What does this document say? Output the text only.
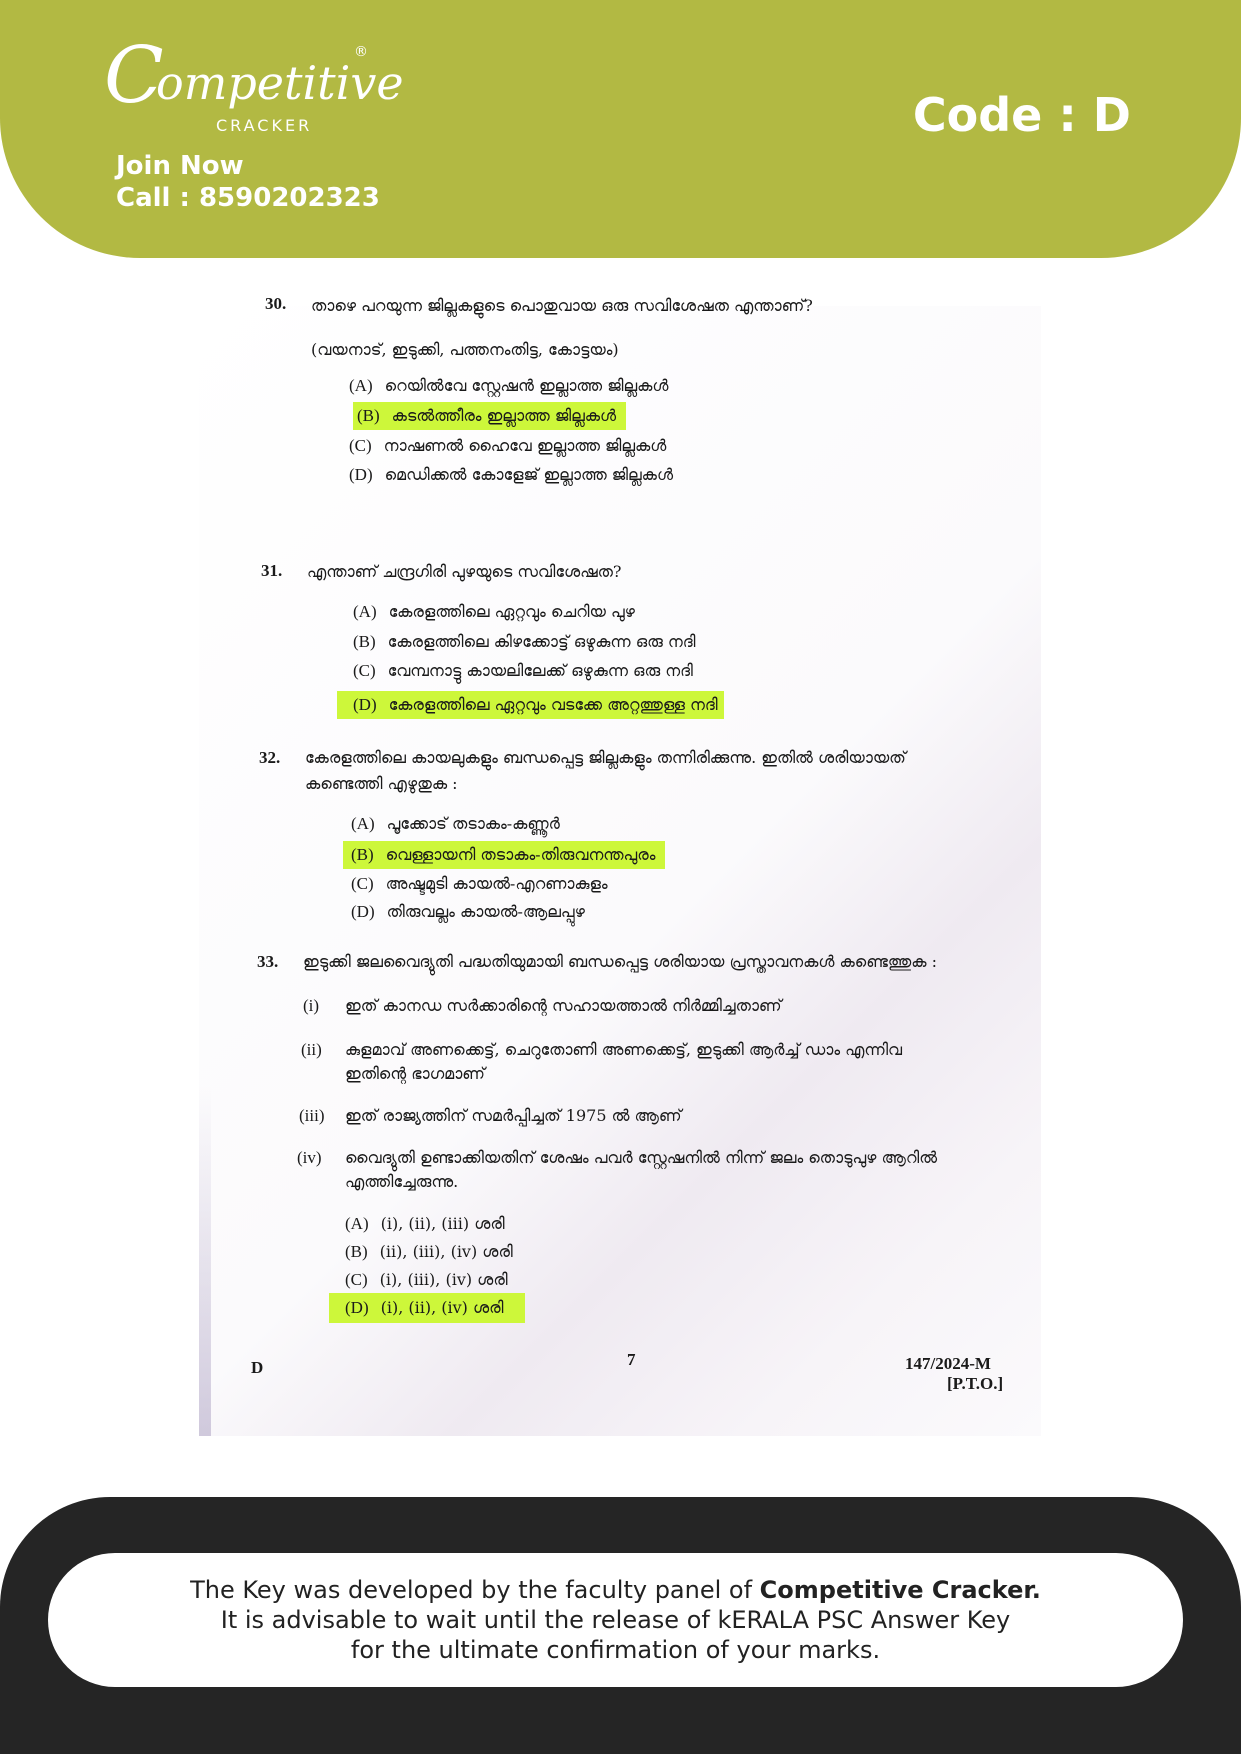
C
ompetitive
®
CRACKER
Join Now
Call : 8590202323
Code : D
30. താഴെ പറയുന്ന ജില്ലകളുടെ പൊതുവായ ഒരു സവിശേഷത എന്താണ്?
(വയനാട്, ഇടുക്കി, പത്തനംതിട്ട, കോട്ടയം)
(A) റെയിൽവേ സ്റ്റേഷൻ ഇല്ലാത്ത ജില്ലകൾ
(B) കടൽത്തീരം ഇല്ലാത്ത ജില്ലകൾ
(C) നാഷണൽ ഹൈവേ ഇല്ലാത്ത ജില്ലകൾ
(D) മെഡിക്കൽ കോളേജ് ഇല്ലാത്ത ജില്ലകൾ
31. എന്താണ് ചന്ദ്രഗിരി പുഴയുടെ സവിശേഷത?
(A) കേരളത്തിലെ ഏറ്റവും ചെറിയ പുഴ
(B) കേരളത്തിലെ കിഴക്കോട്ട് ഒഴുകുന്ന ഒരു നദി
(C) വേമ്പനാട്ടു കായലിലേക്ക് ഒഴുകുന്ന ഒരു നദി
(D) കേരളത്തിലെ ഏറ്റവും വടക്കേ അറ്റത്തുള്ള നദി
32. കേരളത്തിലെ കായലുകളും ബന്ധപ്പെട്ട ജില്ലകളും തന്നിരിക്കുന്നു. ഇതിൽ ശരിയായത്
കണ്ടെത്തി എഴുതുക :
(A) പൂക്കോട് തടാകം-കണ്ണൂർ
(B) വെള്ളായനി തടാകം-തിരുവനന്തപുരം
(C) അഷ്ടമുടി കായൽ-എറണാകുളം
(D) തിരുവല്ലം കായൽ-ആലപ്പുഴ
33. ഇടുക്കി ജലവൈദ്യുതി പദ്ധതിയുമായി ബന്ധപ്പെട്ട ശരിയായ പ്രസ്താവനകൾ കണ്ടെത്തുക :
(i) ഇത് കാനഡ സർക്കാരിന്റെ സഹായത്താൽ നിർമ്മിച്ചതാണ്
(ii) കുളമാവ് അണക്കെട്ട്, ചെറുതോണി അണക്കെട്ട്, ഇടുക്കി ആർച്ച് ഡാം എന്നിവ
ഇതിന്റെ ഭാഗമാണ്
(iii) ഇത് രാജ്യത്തിന് സമർപ്പിച്ചത് 1975 ൽ ആണ്
(iv) വൈദ്യുതി ഉണ്ടാക്കിയതിന് ശേഷം പവർ സ്റ്റേഷനിൽ നിന്ന് ജലം തൊടുപുഴ ആറിൽ
എത്തിച്ചേരുന്നു.
(A) (i), (ii), (iii) ശരി
(B) (ii), (iii), (iv) ശരി
(C) (i), (iii), (iv) ശരി
(D) (i), (ii), (iv) ശരി
D	7	147/2024-M
[P.T.O.]
The Key was developed by the faculty panel of Competitive Cracker.
It is advisable to wait until the release of kERALA PSC Answer Key
for the ultimate confirmation of your marks.
